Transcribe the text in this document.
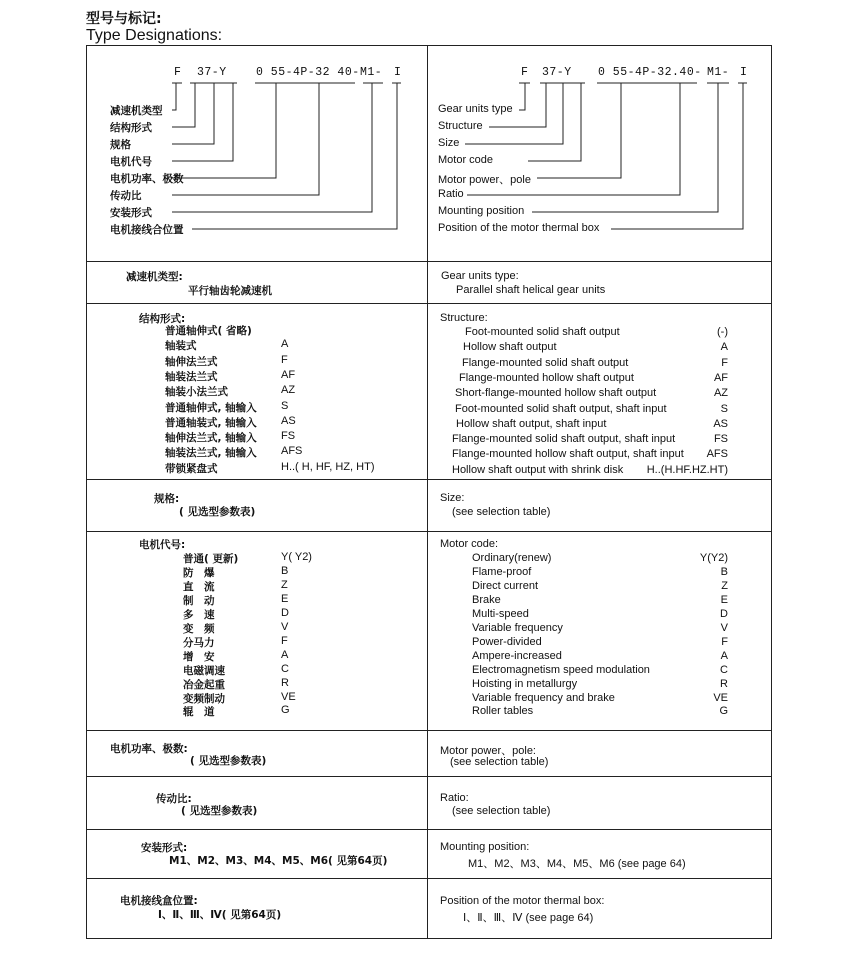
型号与标记:
Type Designations:
F 37-Y	0 55-4P-32 40- M1- I
减速机类型
结构形式
规格
电机代号
电机功率、极数
传动比
安装形式
电机接线合位置
F 37-Y 0 55-4P-32.40- M1- I
Gear units type
Structure
Size
Motor code
Motor power、pole
Ratio
Mounting position
Position of the motor thermal box
减速机类型:
平行轴齿轮减速机
Gear units type:
Parallel shaft helical gear units
结构形式:	Structure:
普通轴伸式( 省略)
轴装式	A
轴伸法兰式	F
轴装法兰式	AF
轴装小法兰式	AZ
普通轴伸式, 轴输入 S
普通轴装式, 轴输入 AS
轴伸法兰式, 轴输入 FS
轴装法兰式, 轴输入 AFS
带锁紧盘式	H..( H, HF, HZ, HT)
Foot-mounted solid shaft output	(-)
Hollow shaft output	A
Flange-mounted solid shaft output	F
Flange-mounted hollow shaft output	AF
Short-flange-mounted hollow shaft output	AZ
Foot-mounted solid shaft output, shaft input	S
Hollow shaft output, shaft input	AS
Flange-mounted solid shaft output, shaft input	FS
Flange-mounted hollow shaft output, shaft input AFS
Hollow shaft output with shrink disk H..(H.HF.HZ.HT)
规格:
( 见选型参数表)
Size:
(see selection table)
电机代号:	Motor code:
普通( 更新)	Y( Y2)
防　爆	B
直　流	Z
制　动	E
多　速	D
变　频	V
分马力	F
增　安	A
电磁调速	C
冶金起重	R
变频制动	VE
辊　道	G
Ordinary(renew)	Y(Y2)
Flame-proof	B
Direct current	Z
Brake	E
Multi-speed	D
Variable frequency	V
Power-divided	F
Ampere-increased	A
Electromagnetism speed modulation	C
Hoisting in metallurgy	R
Variable frequency and brake	VE
Roller tables	G
电机功率、极数:
( 见选型参数表)
Motor power、pole:
(see selection table)
传动比:
( 见选型参数表)
Ratio:
(see selection table)
安装形式:
M1、M2、M3、M4、M5、M6( 见第64页)
Mounting position:
M1、M2、M3、M4、M5、M6 (see page 64)
电机接线盒位置:
Ⅰ、Ⅱ、Ⅲ、Ⅳ( 见第64页)
Position of the motor thermal box:
Ⅰ、Ⅱ、Ⅲ、Ⅳ (see page 64)
